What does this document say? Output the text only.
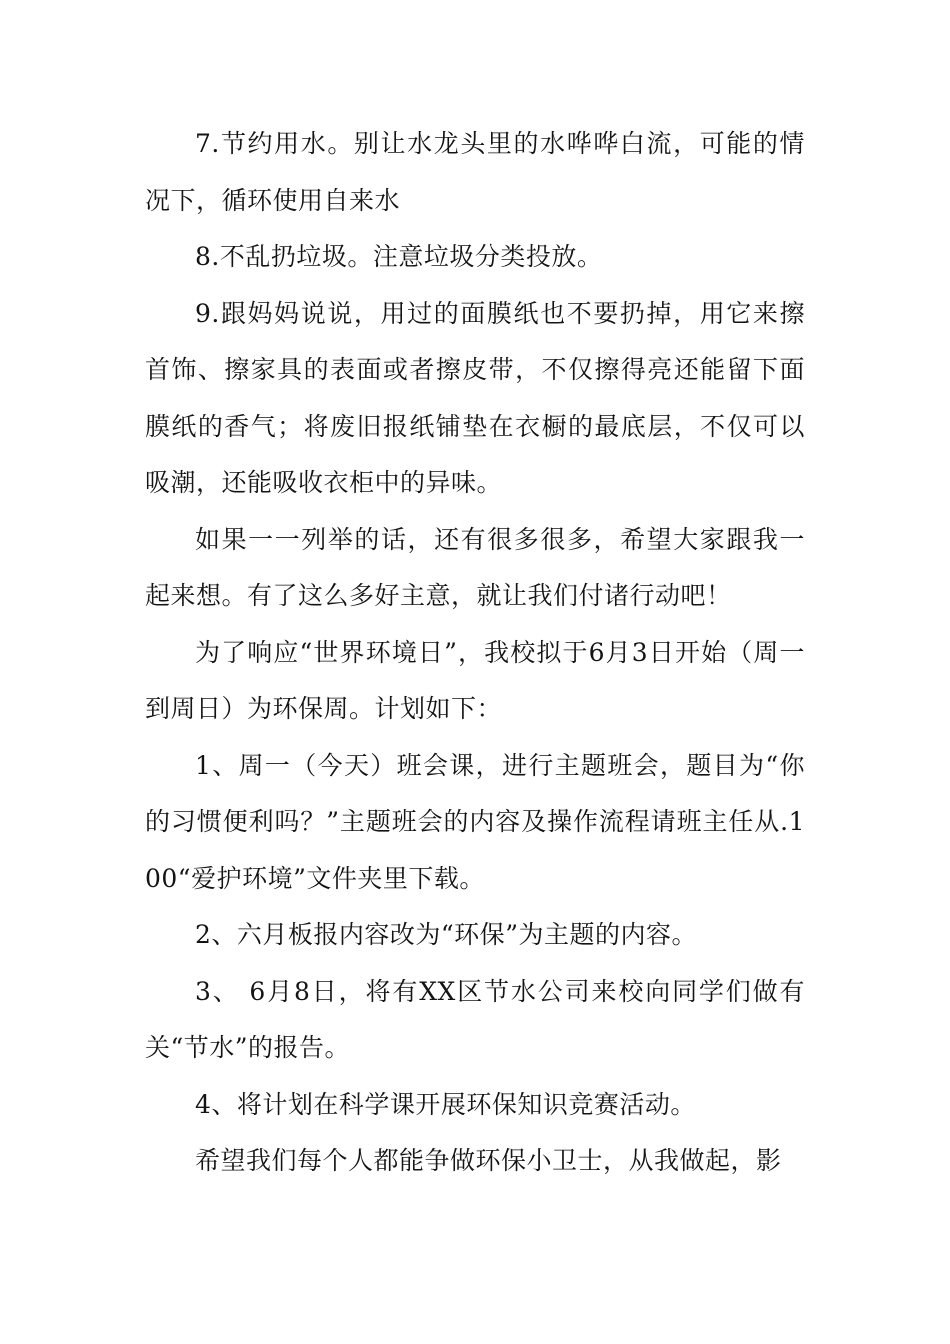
7.节约用水。别让水龙头里的水哗哗白流，可能的情况下，循环使用自来水

8.不乱扔垃圾。注意垃圾分类投放。

9.跟妈妈说说，用过的面膜纸也不要扔掉，用它来擦首饰、擦家具的表面或者擦皮带，不仅擦得亮还能留下面膜纸的香气；将废旧报纸铺垫在衣橱的最底层，不仅可以吸潮，还能吸收衣柜中的异味。

如果一一列举的话，还有很多很多，希望大家跟我一起来想。有了这么多好主意，就让我们付诸行动吧！

为了响应“世界环境日”，我校拟于6月3日开始（周一到周日）为环保周。计划如下：

1、周一（今天）班会课，进行主题班会，题目为“你的习惯便利吗？”主题班会的内容及操作流程请班主任从.100“爱护环境”文件夹里下载。

2、六月板报内容改为“环保”为主题的内容。

3、 6月8日，将有XX区节水公司来校向同学们做有关“节水”的报告。

4、将计划在科学课开展环保知识竞赛活动。

希望我们每个人都能争做环保小卫士，从我做起，影
